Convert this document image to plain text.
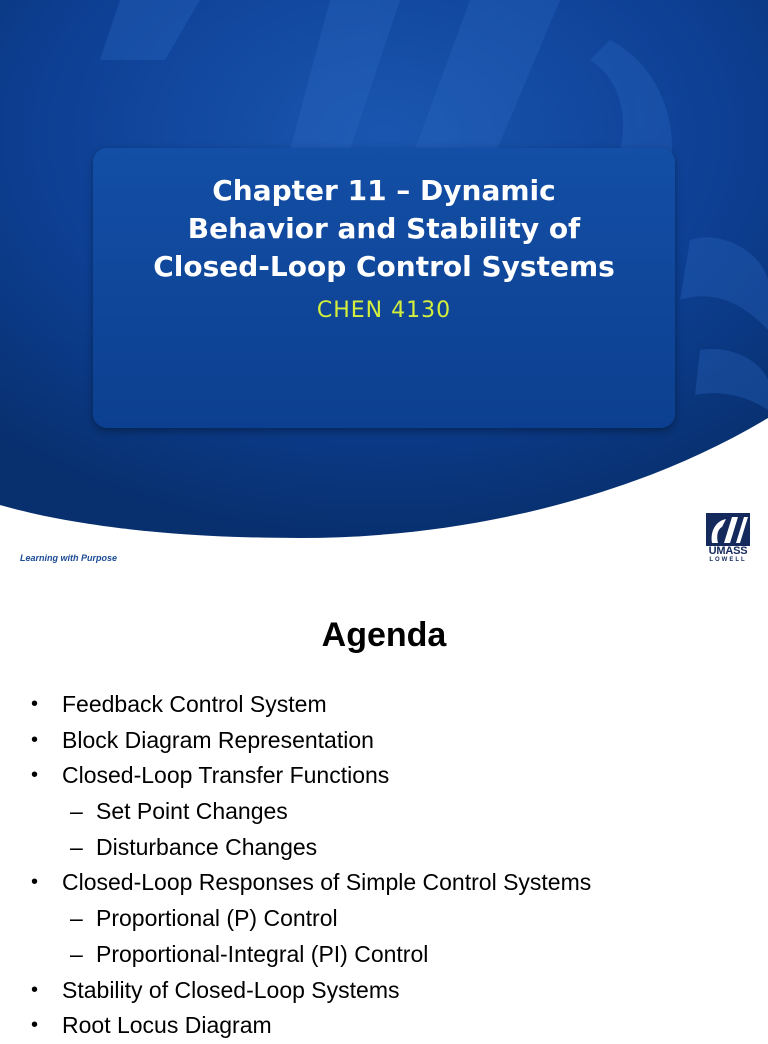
Chapter 11 – Dynamic
Behavior and Stability of
Closed-Loop Control Systems
CHEN 4130
Learning with Purpose
UMASS
LOWELL
Agenda
• Feedback Control System
• Block Diagram Representation
• Closed-Loop Transfer Functions
– Set Point Changes
– Disturbance Changes
• Closed-Loop Responses of Simple Control Systems
– Proportional (P) Control
– Proportional-Integral (PI) Control
• Stability of Closed-Loop Systems
• Root Locus Diagram
